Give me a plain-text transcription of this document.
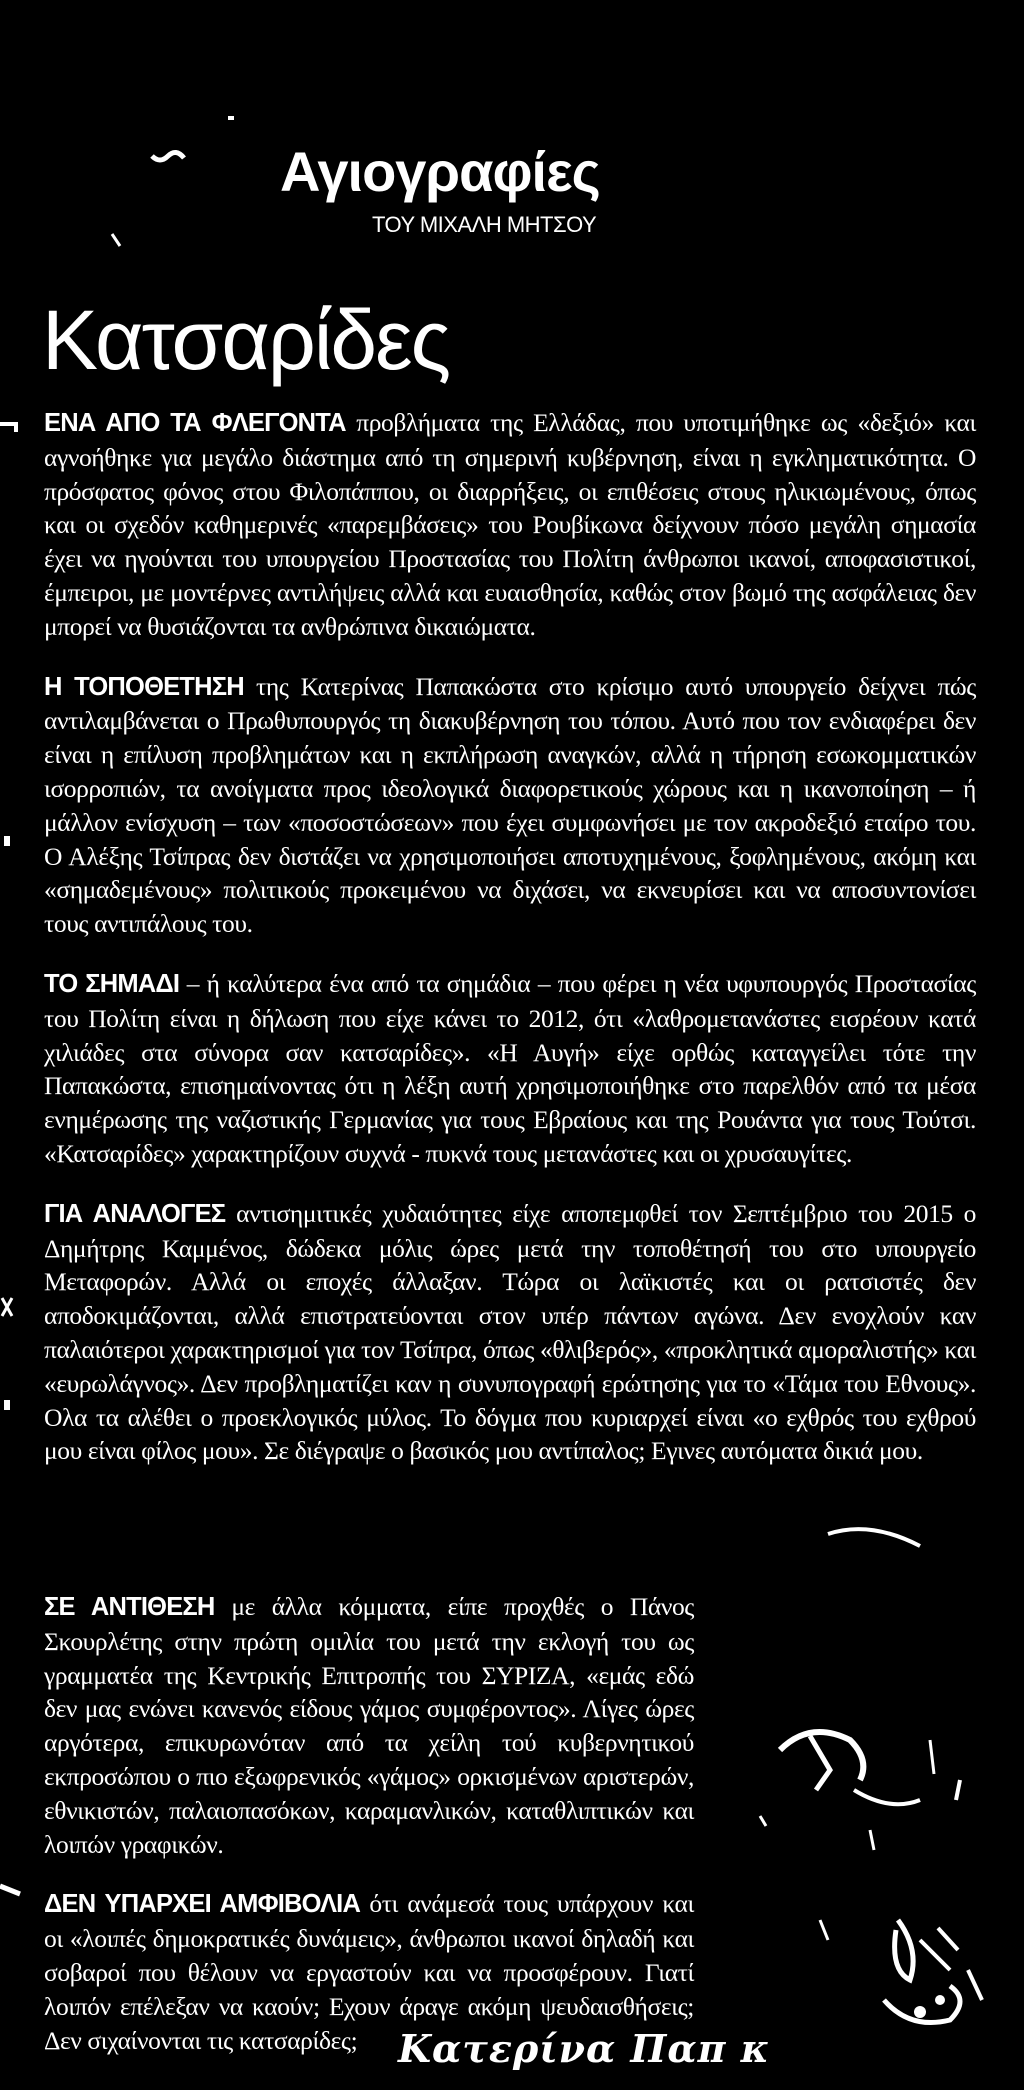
Αγιογραφίες
ΤΟΥ ΜΙΧΑΛΗ ΜΗΤΣΟΥ
Κατσαρίδες

ΕΝΑ ΑΠΟ ΤΑ ΦΛΕΓΟΝΤΑ προβλήματα της Ελλάδας, που υποτιμήθηκε ως «δεξιό» και αγνοήθηκε για μεγάλο διάστημα από τη σημερινή κυβέρνηση, είναι η εγκληματικότητα. Ο πρόσφατος φόνος στου Φιλοπάππου, οι διαρρήξεις, οι επιθέσεις στους ηλικιωμένους, όπως και οι σχεδόν καθημερινές «παρεμβάσεις» του Ρουβίκωνα δείχνουν πόσο μεγάλη σημασία έχει να ηγούνται του υπουργείου Προστασίας του Πολίτη άνθρωποι ικανοί, αποφασιστικοί, έμπειροι, με μοντέρνες αντιλήψεις αλλά και ευαισθησία, καθώς στον βωμό της ασφάλειας δεν μπορεί να θυσιάζονται τα ανθρώπινα δικαιώματα.

Η ΤΟΠΟΘΕΤΗΣΗ της Κατερίνας Παπακώστα στο κρίσιμο αυτό υπουργείο δείχνει πώς αντιλαμβάνεται ο Πρωθυπουργός τη διακυβέρνηση του τόπου. Αυτό που τον ενδιαφέρει δεν είναι η επίλυση προβλημάτων και η εκπλήρωση αναγκών, αλλά η τήρηση εσωκομματικών ισορροπιών, τα ανοίγματα προς ιδεολογικά διαφορετικούς χώρους και η ικανοποίηση – ή μάλλον ενίσχυση – των «ποσοστώσεων» που έχει συμφωνήσει με τον ακροδεξιό εταίρο του. Ο Αλέξης Τσίπρας δεν διστάζει να χρησιμοποιήσει αποτυχημένους, ξοφλημένους, ακόμη και «σημαδεμένους» πολιτικούς προκειμένου να διχάσει, να εκνευρίσει και να αποσυντονίσει τους αντιπάλους του.

ΤΟ ΣΗΜΑΔΙ – ή καλύτερα ένα από τα σημάδια – που φέρει η νέα υφυπουργός Προστασίας του Πολίτη είναι η δήλωση που είχε κάνει το 2012, ότι «λαθρομετανάστες εισρέουν κατά χιλιάδες στα σύνορα σαν κατσαρίδες». «Η Αυγή» είχε ορθώς καταγγείλει τότε την Παπακώστα, επισημαίνοντας ότι η λέξη αυτή χρησιμοποιήθηκε στο παρελθόν από τα μέσα ενημέρωσης της ναζιστικής Γερμανίας για τους Εβραίους και της Ρουάντα για τους Τούτσι. «Κατσαρίδες» χαρακτηρίζουν συχνά - πυκνά τους μετανάστες και οι χρυσαυγίτες.

ΓΙΑ ΑΝΑΛΟΓΕΣ αντισημιτικές χυδαιότητες είχε αποπεμφθεί τον Σεπτέμβριο του 2015 ο Δημήτρης Καμμένος, δώδεκα μόλις ώρες μετά την τοποθέτησή του στο υπουργείο Μεταφορών. Αλλά οι εποχές άλλαξαν. Τώρα οι λαϊκιστές και οι ρατσιστές δεν αποδοκιμάζονται, αλλά επιστρατεύονται στον υπέρ πάντων αγώνα. Δεν ενοχλούν καν παλαιότεροι χαρακτηρισμοί για τον Τσίπρα, όπως «θλιβερός», «προκλητικά αμοραλιστής» και «ευρωλάγνος». Δεν προβληματίζει καν η συνυπογραφή ερώτησης για το «Τάμα του Εθνους». Ολα τα αλέθει ο προεκλογικός μύλος. Το δόγμα που κυριαρχεί είναι «ο εχθρός του εχθρού μου είναι φίλος μου». Σε διέγραψε ο βασικός μου αντίπαλος; Εγινες αυτόματα δικιά μου.

ΣΕ ΑΝΤΙΘΕΣΗ με άλλα κόμματα, είπε προχθές ο Πάνος Σκουρλέτης στην πρώτη ομιλία του μετά την εκλογή του ως γραμματέα της Κεντρικής Επιτροπής του ΣΥΡΙΖΑ, «εμάς εδώ δεν μας ενώνει κανενός είδους γάμος συμφέροντος». Λίγες ώρες αργότερα, επικυρωνόταν από τα χείλη τού κυβερνητικού εκπροσώπου ο πιο εξωφρενικός «γάμος» ορκισμένων αριστερών, εθνικιστών, παλαιοπασόκων, καραμανλικών, καταθλιπτικών και λοιπών γραφικών.

ΔΕΝ ΥΠΑΡΧΕΙ ΑΜΦΙΒΟΛΙΑ ότι ανάμεσά τους υπάρχουν και οι «λοιπές δημοκρατικές δυνάμεις», άνθρωποι ικανοί δηλαδή και σοβαροί που θέλουν να εργαστούν και να προσφέρουν. Γιατί λοιπόν επέλεξαν να καούν; Εχουν άραγε ακόμη ψευδαισθήσεις; Δεν σιχαίνονται τις κατσαρίδες;	Κατερίνα Παπ κ
